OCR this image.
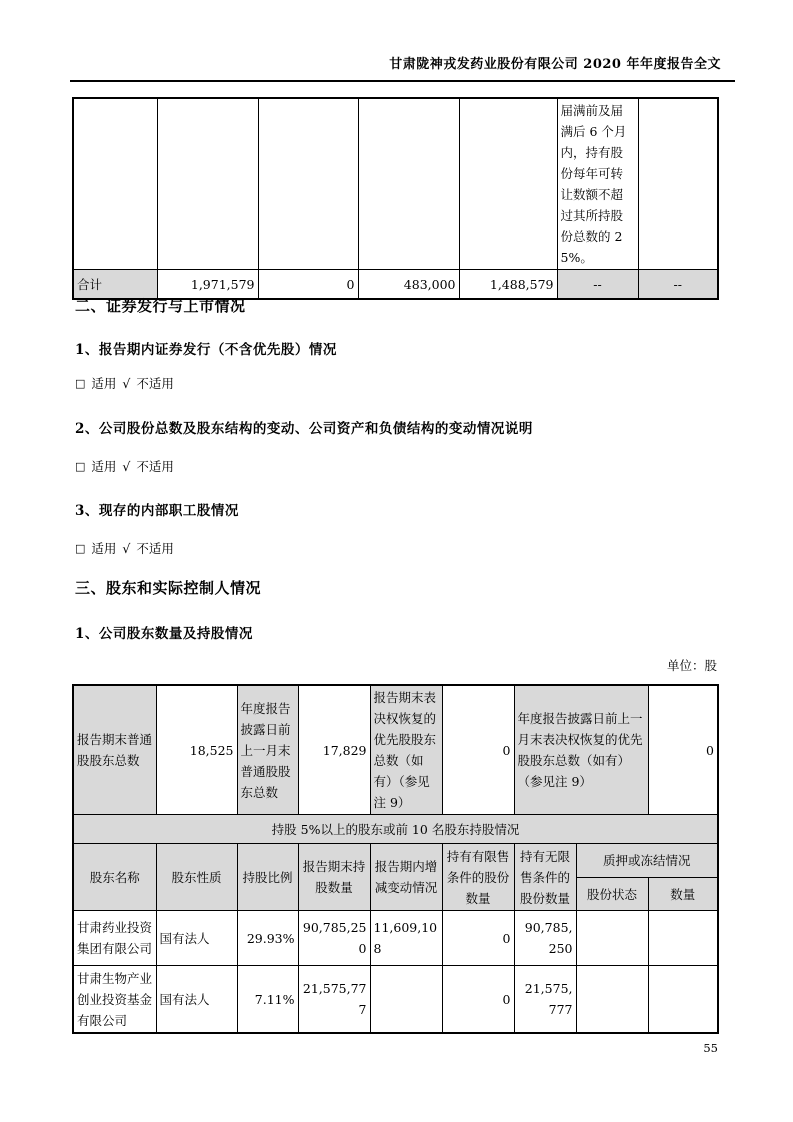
甘肃陇神戎发药业股份有限公司 2020 年年度报告全文
					届满前及届满后 6 个月内，持有股份每年可转让数额不超过其所持股份总数的 25%。	
合计	1,971,579	0	483,000	1,488,579	--	--
二、证券发行与上市情况
1、报告期内证券发行（不含优先股）情况
□ 适用 √ 不适用
2、公司股份总数及股东结构的变动、公司资产和负债结构的变动情况说明
□ 适用 √ 不适用
3、现存的内部职工股情况
□ 适用 √ 不适用
三、股东和实际控制人情况
1、公司股东数量及持股情况
单位：股
报告期末普通股股东总数	18,525	年度报告披露日前上一月末普通股股东总数	17,829	报告期末表决权恢复的优先股股东总数（如有）（参见注 9）	0	年度报告披露日前上一月末表决权恢复的优先股股东总数（如有）（参见注 9）		0
持股 5%以上的股东或前 10 名股东持股情况								
股东名称	股东性质	持股比例	报告期末持股数量	报告期内增减变动情况	持有有限售条件的股份数量	持有无限售条件的股份数量	质押或冻结情况	
							股份状态	数量
甘肃药业投资集团有限公司	国有法人	29.93%	90,785,250	11,609,108	0	90,785,250		
甘肃生物产业创业投资基金有限公司	国有法人	7.11%	21,575,777		0	21,575,777		
55
